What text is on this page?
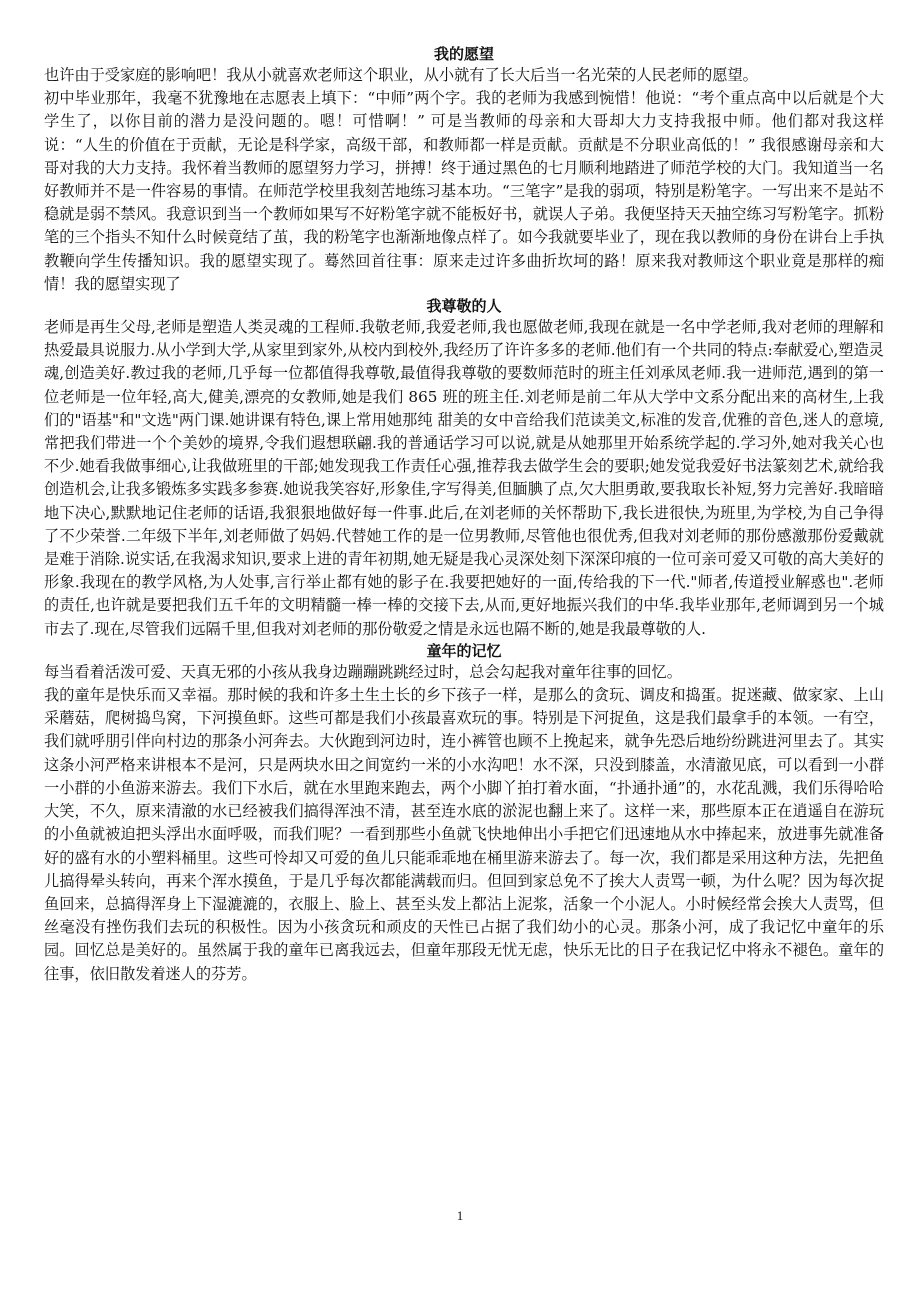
我的愿望

也许由于受家庭的影响吧！我从小就喜欢老师这个职业，从小就有了长大后当一名光荣的人民老师的愿望。

初中毕业那年，我毫不犹豫地在志愿表上填下：“中师”两个字。我的老师为我感到惋惜！他说：“考个重点高中以后就是个大学生了，以你目前的潜力是没问题的。嗯！可惜啊！” 可是当教师的母亲和大哥却大力支持我报中师。他们都对我这样说：“人生的价值在于贡献，无论是科学家，高级干部，和教师都一样是贡献。贡献是不分职业高低的！” 我很感谢母亲和大哥对我的大力支持。我怀着当教师的愿望努力学习，拼搏！终于通过黑色的七月顺利地踏进了师范学校的大门。我知道当一名好教师并不是一件容易的事情。在师范学校里我刻苦地练习基本功。“三笔字”是我的弱项，特别是粉笔字。一写出来不是站不稳就是弱不禁风。我意识到当一个教师如果写不好粉笔字就不能板好书，就误人子弟。我便坚持天天抽空练习写粉笔字。抓粉笔的三个指头不知什么时候竟结了茧，我的粉笔字也渐渐地像点样了。如今我就要毕业了，现在我以教师的身份在讲台上手执教鞭向学生传播知识。我的愿望实现了。蓦然回首往事：原来走过许多曲折坎坷的路！原来我对教师这个职业竟是那样的痴情！我的愿望实现了

我尊敬的人

老师是再生父母,老师是塑造人类灵魂的工程师.我敬老师,我爱老师,我也愿做老师,我现在就是一名中学老师,我对老师的理解和热爱最具说服力.从小学到大学,从家里到家外,从校内到校外,我经历了许许多多的老师.他们有一个共同的特点:奉献爱心,塑造灵魂,创造美好.教过我的老师,几乎每一位都值得我尊敬,最值得我尊敬的要数师范时的班主任刘承凤老师.我一进师范,遇到的第一位老师是一位年轻,高大,健美,漂亮的女教师,她是我们 865 班的班主任.刘老师是前二年从大学中文系分配出来的高材生,上我们的"语基"和"文选"两门课.她讲课有特色,课上常用她那纯 甜美的女中音给我们范读美文,标准的发音,优雅的音色,迷人的意境,常把我们带进一个个美妙的境界,令我们遐想联翩.我的普通话学习可以说,就是从她那里开始系统学起的.学习外,她对我关心也不少.她看我做事细心,让我做班里的干部;她发现我工作责任心强,推荐我去做学生会的要职;她发觉我爱好书法篆刻艺术,就给我创造机会,让我多锻炼多实践多参赛.她说我笑容好,形象佳,字写得美,但腼腆了点,欠大胆勇敢,要我取长补短,努力完善好.我暗暗地下决心,默默地记住老师的话语,我狠狠地做好每一件事.此后,在刘老师的关怀帮助下,我长进很快,为班里,为学校,为自己争得了不少荣誉.二年级下半年,刘老师做了妈妈.代替她工作的是一位男教师,尽管他也很优秀,但我对刘老师的那份感激那份爱戴就是难于消除.说实话,在我渴求知识,要求上进的青年初期,她无疑是我心灵深处刻下深深印痕的一位可亲可爱又可敬的高大美好的形象.我现在的教学风格,为人处事,言行举止都有她的影子在.我要把她好的一面,传给我的下一代."师者,传道授业解惑也".老师的责任,也许就是要把我们五千年的文明精髓一棒一棒的交接下去,从而,更好地振兴我们的中华.我毕业那年,老师调到另一个城市去了.现在,尽管我们远隔千里,但我对刘老师的那份敬爱之情是永远也隔不断的,她是我最尊敬的人.

童年的记忆

每当看着活泼可爱、天真无邪的小孩从我身边蹦蹦跳跳经过时，总会勾起我对童年往事的回忆。

我的童年是快乐而又幸福。那时候的我和许多土生土长的乡下孩子一样，是那么的贪玩、调皮和捣蛋。捉迷藏、做家家、上山采蘑菇，爬树捣鸟窝，下河摸鱼虾。这些可都是我们小孩最喜欢玩的事。特别是下河捉鱼，这是我们最拿手的本领。一有空，我们就呼朋引伴向村边的那条小河奔去。大伙跑到河边时，连小裤管也顾不上挽起来，就争先恐后地纷纷跳进河里去了。其实这条小河严格来讲根本不是河，只是两块水田之间宽约一米的小水沟吧！水不深，只没到膝盖，水清澈见底，可以看到一小群一小群的小鱼游来游去。我们下水后，就在水里跑来跑去，两个小脚丫拍打着水面，“扑通扑通”的，水花乱溅，我们乐得哈哈大笑，不久，原来清澈的水已经被我们搞得浑浊不清，甚至连水底的淤泥也翻上来了。这样一来，那些原本正在逍遥自在游玩的小鱼就被迫把头浮出水面呼吸，而我们呢？一看到那些小鱼就飞快地伸出小手把它们迅速地从水中捧起来，放进事先就准备好的盛有水的小塑料桶里。这些可怜却又可爱的鱼儿只能乖乖地在桶里游来游去了。每一次，我们都是采用这种方法，先把鱼儿搞得晕头转向，再来个浑水摸鱼，于是几乎每次都能满载而归。但回到家总免不了挨大人责骂一顿，为什么呢？因为每次捉鱼回来，总搞得浑身上下湿漉漉的，衣服上、脸上、甚至头发上都沾上泥浆，活象一个小泥人。小时候经常会挨大人责骂，但丝毫没有挫伤我们去玩的积极性。因为小孩贪玩和顽皮的天性已占据了我们幼小的心灵。那条小河，成了我记忆中童年的乐园。回忆总是美好的。虽然属于我的童年已离我远去，但童年那段无忧无虑，快乐无比的日子在我记忆中将永不褪色。童年的往事，依旧散发着迷人的芬芳。

1
